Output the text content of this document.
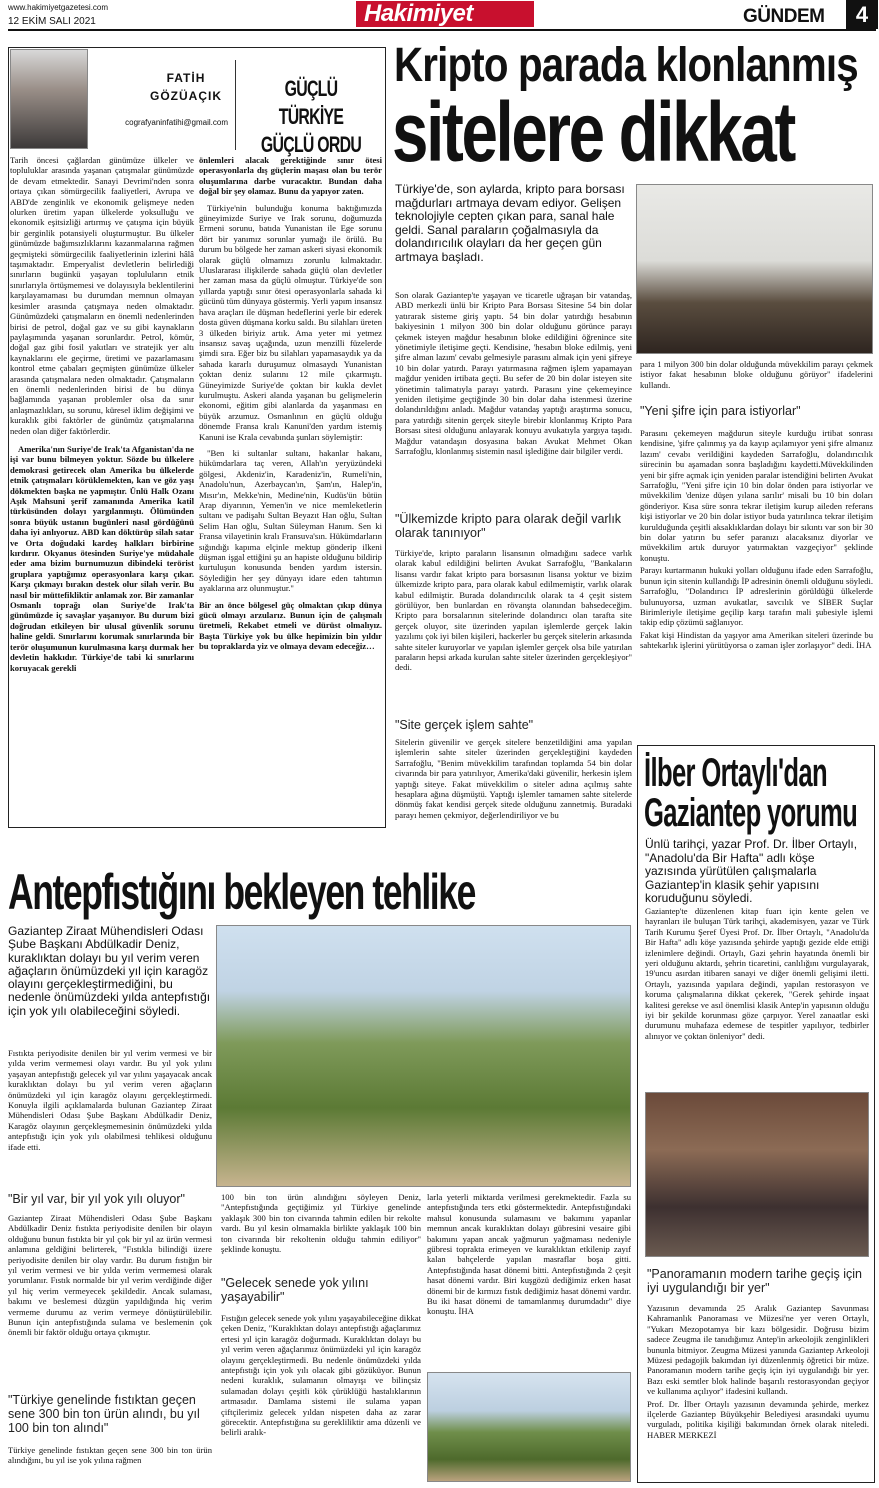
www.hakimiyetgazetesi.com
12 EKİM SALI 2021	Hakimiyet	GÜNDEM	4
FATİH
GÖZÜAÇIK
cografyaninfatihi@gmail.com
GÜÇLÜ TÜRKİYE
GÜÇLÜ ORDU

Tarih öncesi çağlardan günümüze ülkeler ve topluluklar arasında yaşanan çatışmalar günümüzde de devam etmektedir. Sanayi Devrimi'nden sonra ortaya çıkan sömürgecilik faaliyetleri, Avrupa ve ABD'de zenginlik ve ekonomik gelişmeye neden olurken üretim yapan ülkelerde yoksulluğu ve ekonomik eşitsizliği artırmış ve çatışma için büyük bir gerginlik potansiyeli oluşturmuştur. Bu ülkeler günümüzde bağımsızlıklarını kazanmalarına rağmen geçmişteki sömürgecilik faaliyetlerinin izlerini hâlâ taşımaktadır. Emperyalist devletlerin belirlediği sınırların bugünkü yaşayan topluluların etnik sınırlarıyla örtüşmemesi ve dolayısıyla beklentilerini karşılayamaması bu durumdan memnun olmayan kesimler arasında çatışmaya neden olmaktadır. Günümüzdeki çatışmaların en önemli nedenlerinden birisi de petrol, doğal gaz ve su gibi kaynakların paylaşımında yaşanan sorunlardır. Petrol, kömür, doğal gaz gibi fosil yakıtları ve stratejik yer altı kaynaklarını ele geçirme, üretimi ve pazarlamasını kontrol etme çabaları geçmişten günümüze ülkeler arasında çatışmalara neden olmaktadır. Çatışmaların en önemli nedenlerinden birisi de bu dünya bağlamında yaşanan problemler olsa da sınır anlaşmazlıkları, su sorunu, küresel iklim değişimi ve kuraklık gibi faktörler de günümüz çatışmalarına neden olan diğer faktörlerdir.

Amerika'nın Suriye'de Irak'ta Afganistan'da ne işi var bunu bilmeyen yoktur. Sözde bu ülkelere demokrasi getirecek olan Amerika bu ülkelerde etnik çatışmaları körüklemekten, kan ve göz yaşı dökmekten başka ne yapmıştır. Ünlü Halk Ozanı Aşık Mahsuni şerif zamanında Amerika katil türküsünden dolayı yargılanmıştı. Ölümünden sonra büyük ustanın bugünleri nasıl gördüğünü daha iyi anlıyoruz. ABD kan döktürüp silah satar ve Orta doğudaki kardeş halkları birbirine kırdırır. Okyanus ötesinden Suriye'ye müdahale eder ama bizim burnumuzun dibindeki terörist gruplara yaptığımız operasyonlara karşı çıkar. Karşı çıkmayı bırakın destek olur silah verir. Bu nasıl bir müttefikliktir anlamak zor. Bir zamanlar Osmanlı toprağı olan Suriye'de Irak'ta günümüzde iç savaşlar yaşanıyor. Bu durum bizi doğrudan etkileyen bir ulusal güvenlik sorunu haline geldi. Sınırlarını korumak sınırlarında bir terör oluşumunun kurulmasına karşı durmak her devletin hakkıdır. Türkiye'de tabi ki sınırlarını koruyacak gerekli

önlemleri alacak gerektiğinde sınır ötesi operasyonlarla dış güçlerin maşası olan bu terör oluşumlarına darbe vuracaktır. Bundan daha doğal bir şey olamaz. Bunu da yapıyor zaten.

Türkiye'nin bulunduğu konuma baktığımızda güneyimizde Suriye ve Irak sorunu, doğumuzda Ermeni sorunu, batıda Yunanistan ile Ege sorunu dört bir yanımız sorunlar yumağı ile örülü. Bu durum bu bölgede her zaman askeri siyasi ekonomik olarak güçlü olmamızı zorunlu kılmaktadır. Uluslararası ilişkilerde sahada güçlü olan devletler her zaman masa da güçlü olmuştur. Türkiye'de son yıllarda yaptığı sınır ötesi operasyonlarla sahada ki gücünü tüm dünyaya göstermiş. Yerli yapım insansız hava araçları ile düşman hedeflerini yerle bir ederek dosta güven düşmana korku saldı. Bu silahları üreten 3 ülkeden biriyiz artık. Ama yeter mi yetmez insansız savaş uçağında, uzun menzilli füzelerde şimdi sıra. Eğer biz bu silahları yapamasaydık ya da sahada kararlı duruşumuz olmasaydı Yunanistan çoktan deniz sularını 12 mile çıkarmıştı. Güneyimizde Suriye'de çoktan bir kukla devlet kurulmuştu. Askeri alanda yaşanan bu gelişmelerin ekonomi, eğitim gibi alanlarda da yaşanması en büyük arzumuz. Osmanlının en güçlü olduğu dönemde Fransa kralı Kanuni'den yardım istemiş Kanuni ise Krala cevabında şunları söylemiştir:

"Ben ki sultanlar sultanı, hakanlar hakanı, hükümdarlara taç veren, Allah'ın yeryüzündeki gölgesi, Akdeniz'in, Karadeniz'in, Rumeli'nin, Anadolu'nun, Azerbaycan'ın, Şam'ın, Halep'in, Mısır'ın, Mekke'nin, Medine'nin, Kudüs'ün bütün Arap diyarının, Yemen'in ve nice memleketlerin sultanı ve padişahı Sultan Beyazıt Han oğlu, Sultan Selim Han oğlu, Sultan Süleyman Hanım. Sen ki Fransa vilayetinin kralı Fransuva'sın. Hükümdarların sığındığı kapıma elçinle mektup gönderip ilkeni düşman işgal ettiğini şu an hapiste olduğunu bildirip kurtuluşun konusunda benden yardım istersin. Söylediğin her şey dünyayı idare eden tahtımın ayaklarına arz olunmuştur."

Bir an önce bölgesel güç olmaktan çıkıp dünya gücü olmayı arzularız. Bunun için de çalışmalı üretmeli, Rekabet etmeli ve dürüst olmalıyız. Başta Türkiye yok bu ülke hepimizin bin yıldır bu topraklarda yiz ve olmaya devam edeceğiz…

Kripto parada klonlanmış
sitelere dikkat
Türkiye'de, son aylarda, kripto para borsası mağdurları artmaya devam ediyor. Gelişen teknolojiyle cepten çıkan para, sanal hale geldi. Sanal paraların çoğalmasıyla da dolandırıcılık olayları da her geçen gün artmaya başladı.

Son olarak Gaziantep'te yaşayan ve ticaretle uğraşan bir vatandaş, ABD merkezli ünlü bir Kripto Para Borsası Sitesine 54 bin dolar yatırarak sisteme giriş yaptı. 54 bin dolar yatırdığı hesabının bakiyesinin 1 milyon 300 bin dolar olduğunu görünce parayı çekmek isteyen mağdur hesabının bloke edildiğini öğrenince site yönetimiyle iletişime geçti. Kendisine, 'hesabın bloke edilmiş, yeni şifre alman lazım' cevabı gelmesiyle parasını almak için yeni şifreye 10 bin dolar yatırdı. Parayı yatırmasına rağmen işlem yapamayan mağdur yeniden irtibata geçti. Bu sefer de 20 bin dolar isteyen site yönetimin talimatıyla parayı yatırdı. Parasını yine çekemeyince yeniden iletişime geçtiğinde 30 bin dolar daha istenmesi üzerine dolandırıldığını anladı. Mağdur vatandaş yaptığı araştırma sonucu, para yatırdığı sitenin gerçek siteyle birebir klonlanmış Kripto Para Borsası sitesi olduğunu anlayarak konuyu avukatıyla yargıya taşıdı. Mağdur vatandaşın dosyasına bakan Avukat Mehmet Okan Sarrafoğlu, klonlanmış sistemin nasıl işlediğine dair bilgiler verdi.

"Ülkemizde kripto para olarak değil varlık olarak tanınıyor"

Türkiye'de, kripto paraların lisansının olmadığını sadece varlık olarak kabul edildiğini belirten Avukat Sarrafoğlu, "Bankaların lisansı vardır fakat kripto para borsasının lisansı yoktur ve bizim ülkemizde kripto para, para olarak kabul edilmemiştir, varlık olarak kabul edilmiştir. Burada dolandırıcılık olarak ta 4 çeşit sistem görülüyor, ben bunlardan en rövanşta olanından bahsedeceğim. Kripto para borsalarının sitelerinde dolandırıcı olan tarafta site gerçek oluyor, site üzerinden yapılan işlemlerde gerçek lakin yazılımı çok iyi bilen kişileri, hackerler bu gerçek sitelerin arkasında sahte siteler kuruyorlar ve yapılan işlemler gerçek olsa bile yatırılan paraların hepsi arkada kurulan sahte siteler üzerinden gerçekleşiyor" dedi.

"Site gerçek işlem sahte"

Sitelerin güvenilir ve gerçek sitelere benzetildiğini ama yapılan işlemlerin sahte siteler üzerinden gerçekleştiğini kaydeden Sarrafoğlu, "Benim müvekkilim tarafından toplamda 54 bin dolar civarında bir para yatırılıyor, Amerika'daki güvenilir, herkesin işlem yaptığı siteye. Fakat müvekkilim o siteler adına açılmış sahte hesaplara ağına düşmüştü. Yaptığı işlemler tamamen sahte sitelerde dönmüş fakat kendisi gerçek sitede olduğunu zannetmiş. Buradaki parayı hemen çekmiyor, değerlendiriliyor ve bu

para 1 milyon 300 bin dolar olduğunda müvekkilim parayı çekmek istiyor fakat hesabının bloke olduğunu görüyor" ifadelerini kullandı.

"Yeni şifre için para istiyorlar"

Parasını çekemeyen mağdurun siteyle kurduğu irtibat sonrası kendisine, 'şifre çalınmış ya da kayıp açılamıyor yeni şifre almanız lazım' cevabı verildiğini kaydeden Sarrafoğlu, dolandırıcılık sürecinin bu aşamadan sonra başladığını kaydetti.Müvekkilinden yeni bir şifre açmak için yeniden paralar istendiğini belirten Avukat Sarrafoğlu, "Yeni şifre için 10 bin dolar önden para istiyorlar ve müvekkilim 'denize düşen yılana sarılır' misali bu 10 bin doları gönderiyor. Kısa süre sonra tekrar iletişim kurup aileden referans kişi istiyorlar ve 20 bin dolar istiyor buda yatırılınca tekrar iletişim kurulduğunda çeşitli aksaklıklardan dolayı bir sıkıntı var son bir 30 bin dolar yatırın bu sefer paranızı alacaksınız diyorlar ve müvekkilim artık duruyor yatırmaktan vazgeçiyor" şeklinde konuştu.

Parayı kurtarmanın hukuki yolları olduğunu ifade eden Sarrafoğlu, bunun için sitenin kullandığı İP adresinin önemli olduğunu söyledi. Sarrafoğlu, "Dolandırıcı İP adreslerinin görüldüğü ülkelerde bulunuyorsa, uzman avukatlar, savcılık ve SİBER Suçlar Birimleriyle iletişime geçilip karşı tarafın mali şubesiyle işlemi takip edip çözümü sağlanıyor.

Fakat kişi Hindistan da yaşıyor ama Amerikan siteleri üzerinde bu sahtekarlık işlerini yürütüyorsa o zaman işler zorlaşıyor" dedi. İHA

İlber Ortaylı'dan
Gaziantep yorumu
Ünlü tarihçi, yazar Prof. Dr. İlber Ortaylı, "Anadolu'da Bir Hafta" adlı köşe yazısında yürütülen çalışmalarla Gaziantep'in klasik şehir yapısını koruduğunu söyledi.

Gaziantep'te düzenlenen kitap fuarı için kente gelen ve hayranları ile buluşan Türk tarihçi, akademisyen, yazar ve Türk Tarih Kurumu Şeref Üyesi Prof. Dr. İlber Ortaylı, "Anadolu'da Bir Hafta" adlı köşe yazısında şehirde yaptığı gezide elde ettiği izlenimlere değindi. Ortaylı, Gazi şehrin hayatında önemli bir yeri olduğunu aktardı, şehrin ticaretini, canlılığını vurgulayarak, 19'uncu asırdan itibaren sanayi ve diğer önemli gelişimi iletti. Ortaylı, yazısında yapılara değindi, yapılan restorasyon ve koruma çalışmalarına dikkat çekerek, "Gerek şehirde inşaat kalitesi gerekse ve asıl önemlisi klasik Antep'in yapısının olduğu iyi bir şekilde korunması göze çarpıyor. Yerel zanaatlar eski durumunu muhafaza edemese de tespitler yapılıyor, tedbirler alınıyor ve çoktan önleniyor" dedi.

"Panoramanın modern tarihe geçiş için iyi uygulandığı bir yer"

Yazısının devamında 25 Aralık Gaziantep Savunması Kahramanlık Panoraması ve Müzesi'ne yer veren Ortaylı, "Yukarı Mezopotamya bir kazı bölgesidir. Doğrusu bizim sadece Zeugma ile tanıdığımız Antep'in arkeolojik zenginlikleri bununla bitmiyor. Zeugma Müzesi yanında Gaziantep Arkeoloji Müzesi pedagojik bakımdan iyi düzenlenmiş öğretici bir müze. Panoramanın modern tarihe geçiş için iyi uygulandığı bir yer. Bazı eski semtler blok halinde başarılı restorasyondan geçiyor ve kullanıma açılıyor" ifadesini kullandı.

Prof. Dr. İlber Ortaylı yazısının devamında şehirde, merkez ilçelerde Gaziantep Büyükşehir Belediyesi arasındaki uyumu vurguladı, politika kişiliği bakımından örnek olarak niteledi. HABER MERKEZİ

Antepfıstığını bekleyen tehlike
Gaziantep Ziraat Mühendisleri Odası Şube Başkanı Abdülkadir Deniz, kuraklıktan dolayı bu yıl verim veren ağaçların önümüzdeki yıl için karagöz olayını gerçekleştirmediğini, bu nedenle önümüzdeki yılda antepfıstığı için yok yılı olabileceğini söyledi.

Fıstıkta periyodisite denilen bir yıl verim vermesi ve bir yılda verim vermemesi olayı vardır. Bu yıl yok yılını yaşayan antepfıstığı gelecek yıl var yılını yaşayacak ancak kuraklıktan dolayı bu yıl verim veren ağaçların önümüzdeki yıl için karagöz olayını gerçekleştirmedi. Konuyla ilgili açıklamalarda bulunan Gaziantep Ziraat Mühendisleri Odası Şube Başkanı Abdülkadir Deniz, Karagöz olayının gerçekleşmemesinin önümüzdeki yılda antepfıstığı için yok yılı olabilmesi tehlikesi olduğunu ifade etti.

"Bir yıl var, bir yıl yok yılı oluyor"

Gaziantep Ziraat Mühendisleri Odası Şube Başkanı Abdülkadir Deniz fıstıkta periyodisite denilen bir olayın olduğunu bunun fıstıkta bir yıl çok bir yıl az ürün vermesi anlamına geldiğini belirterek, "Fıstıkla bilindiği üzere periyodisite denilen bir olay vardır. Bu durum fıstığın bir yıl verim vermesi ve bir yılda verim vermemesi olarak yorumlanır. Fıstık normalde bir yıl verim verdiğinde diğer yıl hiç verim vermeyecek şekildedir. Ancak sulaması, bakımı ve beslemesi düzgün yapıldığında hiç verim vermeme durumu az verim vermeye dönüştürülebilir. Bunun için antepfıstığında sulama ve beslemenin çok önemli bir faktör olduğu ortaya çıkmıştır.

"Türkiye genelinde fıstıktan geçen sene 300 bin ton ürün alındı, bu yıl 100 bin ton alındı"

Türkiye genelinde fıstıktan geçen sene 300 bin ton ürün alındığını, bu yıl ise yok yılına rağmen

100 bin ton ürün alındığını söyleyen Deniz, "Antepfıstığında geçtiğimiz yıl Türkiye genelinde yaklaşık 300 bin ton civarında tahmin edilen bir rekolte vardı. Bu yıl kesin olmamakla birlikte yaklaşık 100 bin ton civarında bir rekoltenin olduğu tahmin ediliyor" şeklinde konuştu.

"Gelecek senede yok yılını yaşayabilir"

Fıstığın gelecek senede yok yılını yaşayabileceğine dikkat çeken Deniz, "Kuraklıktan dolayı antepfıstığı ağaçlarımız ertesi yıl için karagöz doğurmadı. Kuraklıktan dolayı bu yıl verim veren ağaçlarımız önümüzdeki yıl için karagöz olayını gerçekleştirmedi. Bu nedenle önümüzdeki yılda antepfıstığı için yok yılı olacak gibi gözüküyor. Bunun nedeni kuraklık, sulamanın olmayışı ve bilinçsiz sulamadan dolayı çeşitli kök çürüklüğü hastalıklarının artmasıdır. Damlama sistemi ile sulama yapan çiftçilerimiz gelecek yıldan nispeten daha az zarar görecektir. Antepfıstığına su gerekliliktir ama düzenli ve belirli aralık-

larla yeterli miktarda verilmesi gerekmektedir. Fazla su antepfıstığında ters etki göstermektedir. Antepfıstığındaki mahsul konusunda sulamasını ve bakımını yapanlar memnun ancak kuraklıktan dolayı gübresini vesaire gibi bakımını yapan ancak yağmurun yağmaması nedeniyle gübresi toprakta erimeyen ve kuraklıktan etkilenip zayıf kalan bahçelerde yapılan masraflar boşa gitti. Antepfıstığında hasat dönemi bitti. Antepfıstığında 2 çeşit hasat dönemi vardır. Biri kuşgözü dediğimiz erken hasat dönemi bir de kırmızı fıstık dediğimiz hasat dönemi vardır. Bu iki hasat dönemi de tamamlanmış durumdadır" diye konuştu. İHA
